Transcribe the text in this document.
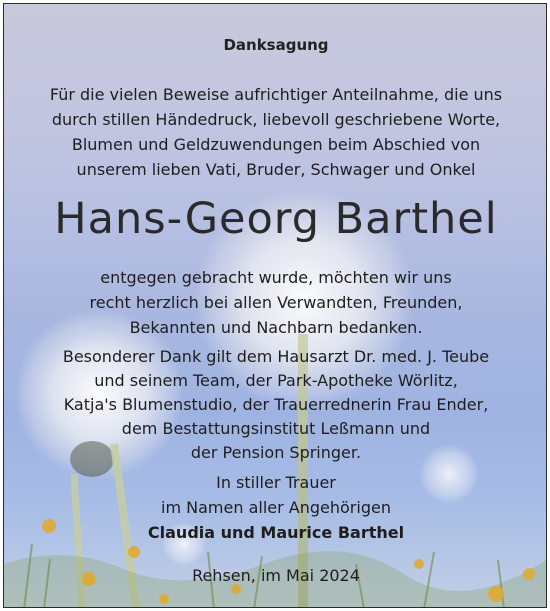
Danksagung
Für die vielen Beweise aufrichtiger Anteilnahme, die uns
durch stillen Händedruck, liebevoll geschriebene Worte,
Blumen und Geldzuwendungen beim Abschied von
unserem lieben Vati, Bruder, Schwager und Onkel
Hans-Georg Barthel
entgegen gebracht wurde, möchten wir uns
recht herzlich bei allen Verwandten, Freunden,
Bekannten und Nachbarn bedanken.
Besonderer Dank gilt dem Hausarzt Dr. med. J. Teube
und seinem Team, der Park-Apotheke Wörlitz,
Katja's Blumenstudio, der Trauerrednerin Frau Ender,
dem Bestattungsinstitut Leßmann und
der Pension Springer.
In stiller Trauer
im Namen aller Angehörigen
Claudia und Maurice Barthel
Rehsen, im Mai 2024
